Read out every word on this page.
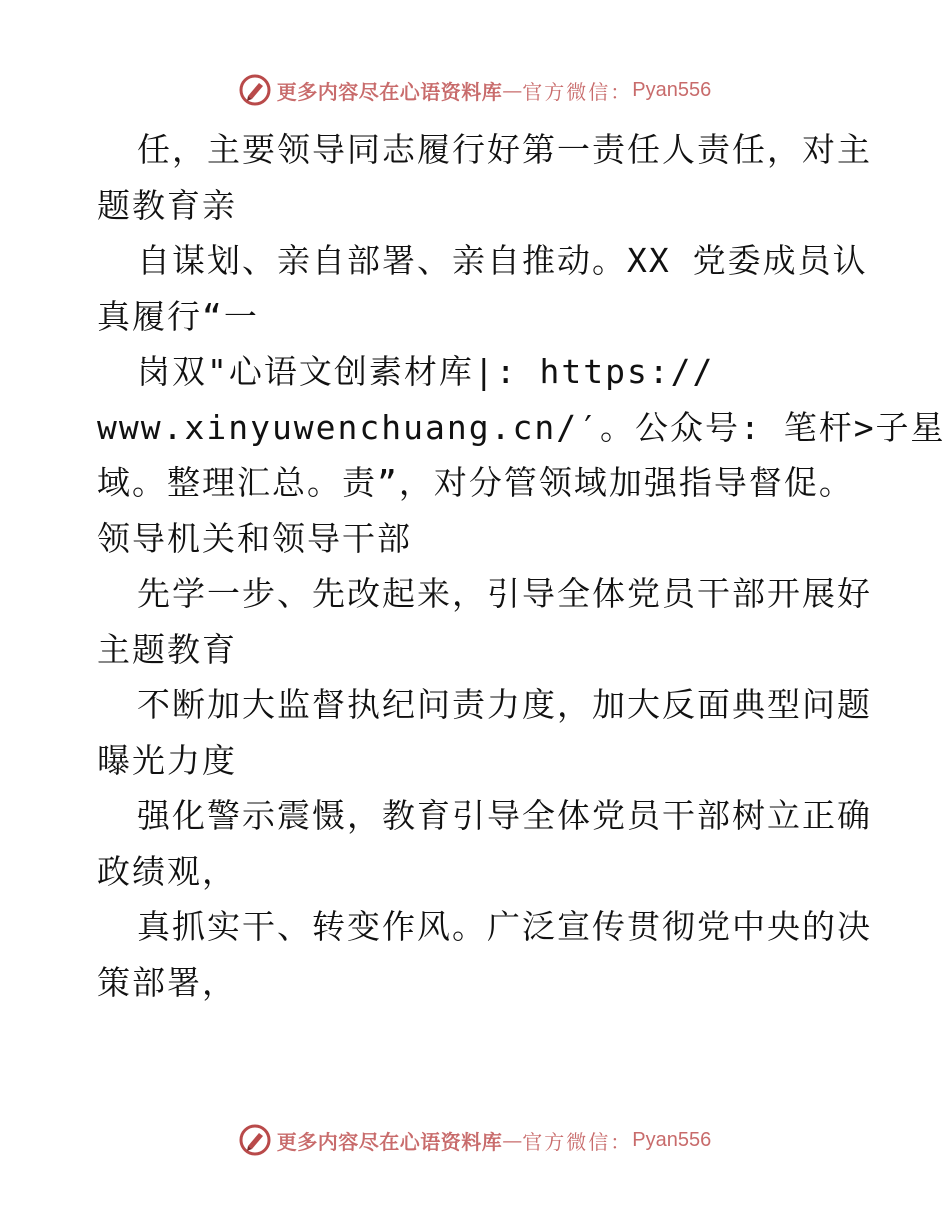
更多内容尽在心语资料库 — 官方微信： Pyan556
任，主要领导同志履行好第一责任人责任，对主
题教育亲
自谋划、亲自部署、亲自推动。XX 党委成员认
真履行“一
岗双"心语文创素材库|: https://
www.xinyuwenchuang.cn/′。公众号: 笔杆>子星
域。整理汇总。责”，对分管领域加强指导督促。
领导机关和领导干部
先学一步、先改起来，引导全体党员干部开展好
主题教育
不断加大监督执纪问责力度，加大反面典型问题
曝光力度
强化警示震慑，教育引导全体党员干部树立正确
政绩观，
真抓实干、转变作风。广泛宣传贯彻党中央的决
策部署，
更多内容尽在心语资料库 — 官方微信： Pyan556
